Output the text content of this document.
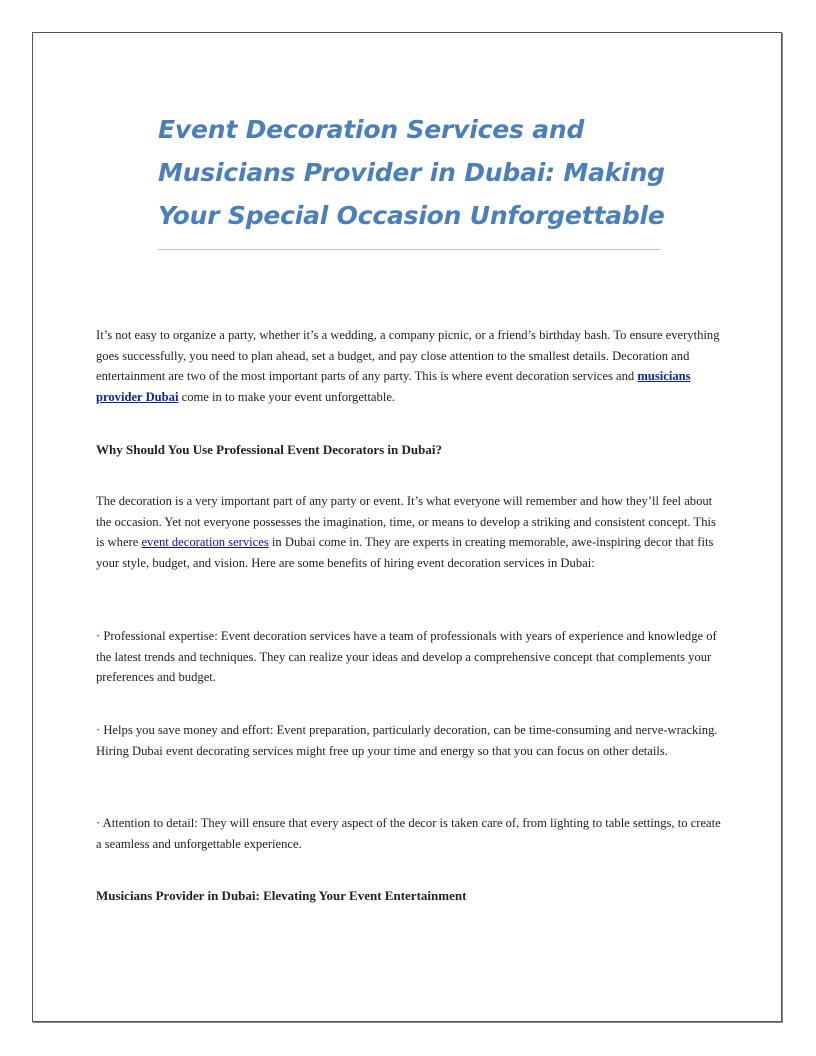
Event Decoration Services and Musicians Provider in Dubai: Making Your Special Occasion Unforgettable

It’s not easy to organize a party, whether it’s a wedding, a company picnic, or a friend’s birthday bash. To ensure everything goes successfully, you need to plan ahead, set a budget, and pay close attention to the smallest details. Decoration and entertainment are two of the most important parts of any party. This is where event decoration services and musicians provider Dubai come in to make your event unforgettable.

Why Should You Use Professional Event Decorators in Dubai?

The decoration is a very important part of any party or event. It’s what everyone will remember and how they’ll feel about the occasion. Yet not everyone possesses the imagination, time, or means to develop a striking and consistent concept. This is where event decoration services in Dubai come in. They are experts in creating memorable, awe-inspiring decor that fits your style, budget, and vision. Here are some benefits of hiring event decoration services in Dubai:

· Professional expertise: Event decoration services have a team of professionals with years of experience and knowledge of the latest trends and techniques. They can realize your ideas and develop a comprehensive concept that complements your preferences and budget.

· Helps you save money and effort: Event preparation, particularly decoration, can be time-consuming and nerve-wracking. Hiring Dubai event decorating services might free up your time and energy so that you can focus on other details.

· Attention to detail: They will ensure that every aspect of the decor is taken care of, from lighting to table settings, to create a seamless and unforgettable experience.

Musicians Provider in Dubai: Elevating Your Event Entertainment
